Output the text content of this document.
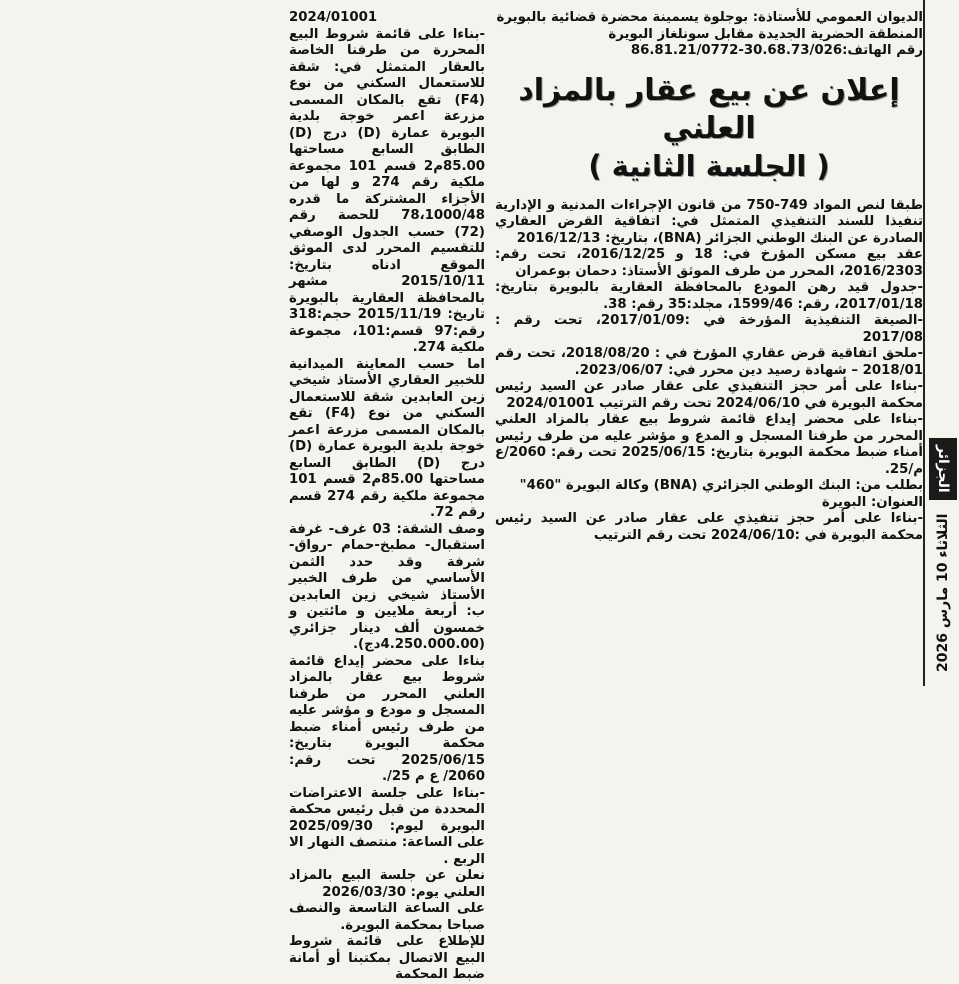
2024/01001

-بناءا على قائمة شروط البيع المحررة من طرفنا الخاصة بالعقار المتمثل في: شقة للاستعمال السكني من نوع (F4) تقع بالمكان المسمى مزرعة اعمر خوجة بلدية البويرة عمارة (D) درج (D) الطابق السابع مساحتها 85.00م2 قسم 101 مجموعة ملكية رقم 274 و لها من الأجزاء المشتركة ما قدره 78،1000/48 للحصة رقم (72) حسب الجدول الوصفي للتقسيم المحرر لدى الموثق الموقع ادناه بتاريخ: 2015/10/11 مشهر بالمحافظة العقارية بالبويرة تاريخ: 2015/11/19 حجم:318 رقم:97 قسم:101، مجموعة ملكية 274.

اما حسب المعاينة الميدانية للخبير العقاري الأستاذ شيخي زين العابدين شقة للاستعمال السكني من نوع (F4) تقع بالمكان المسمى مزرعة اعمر خوجة بلدية البويرة عمارة (D) درج (D) الطابق السابع مساحتها 85.00م2 قسم 101 مجموعة ملكية رقم 274 قسم رقم 72.

وصف الشقة: 03 غرف- غرفة استقبال- مطبخ-حمام -رواق- شرفة وقد حدد الثمن الأساسي من طرف الخبير الأستاذ شيخي زين العابدين ب: أربعة ملايين و مائتين و خمسون ألف دينار جزائري (4.250.000.00دج).

بناءا على محضر إيداع قائمة شروط بيع عقار بالمزاد العلني المحرر من طرفنا المسجل و مودع و مؤشر عليه من طرف رئيس أمناء ضبط محكمة البويرة بتاريخ: 2025/06/15 تحت رقم: 2060/ ع م 25/.

-بناءا على جلسة الاعتراضات المحددة من قبل رئيس محكمة البويرة ليوم: 2025/09/30 على الساعة: منتصف النهار الا الربع .

نعلن عن جلسة البيع بالمزاد العلني يوم: 2026/03/30

على الساعة التاسعة والنصف صباحا بمحكمة البويرة.

للإطلاع على قائمة شروط البيع الاتصال بمكتبنا أو أمانة ضبط المحكمة

الديوان العمومي للأستاذة: بوجلوة يسمينة محضرة قضائية بالبويرة

المنطقة الحضرية الجديدة مقابل سونلغاز البويرة

رقم الهاتف:30.68.73/026-86.81.21/0772

إعلان عن بيع عقار بالمزاد العلني

( الجلسة الثانية )

طبقا لنص المواد 749-750 من قانون الإجراءات المدنية و الإدارية تنفيذا للسند التنفيذي المتمثل في: اتفاقية القرض العقاري الصادرة عن البنك الوطني الجزائر (BNA)، بتاريخ: 2016/12/13

عقد بيع مسكن المؤرخ في: 18 و 2016/12/25، تحت رقم: 2016/2303، المحرر من طرف الموثق الأستاذ: دحمان بوعمران

-جدول قيد رهن المودع بالمحافظة العقارية بالبويرة بتاريخ: 2017/01/18، رقم: 1599/46، مجلد:35 رقم: 38.

-الصيغة التنفيذية المؤرخة في :2017/01/09، تحت رقم : 2017/08

-ملحق اتفاقية قرض عقاري المؤرخ في : 2018/08/20، تحت رقم 2018/01 – شهادة رصيد دين محرر في: 2023/06/07.

-بناءا على أمر حجز التنفيذي على عقار صادر عن السيد رئيس محكمة البويرة في 2024/06/10 تحت رقم الترتيب 2024/01001

-بناءا على محضر إيداع قائمة شروط بيع عقار بالمزاد العلني المحرر من طرفنا المسجل و المدع و مؤشر عليه من طرف رئيس أمناء ضبط محكمة البويرة بتاريخ: 2025/06/15 تحت رقم: 2060/ع م/25.

بطلب من: البنك الوطني الجزائري (BNA) وكالة البويرة "460"

العنوان: البويرة

-بناءا على أمر حجز تنفيذي على عقار صادر عن السيد رئيس محكمة البويرة في :2024/06/10 تحت رقم الترتيب

الجزائر
الثلاثاء 10 مارس 2026
